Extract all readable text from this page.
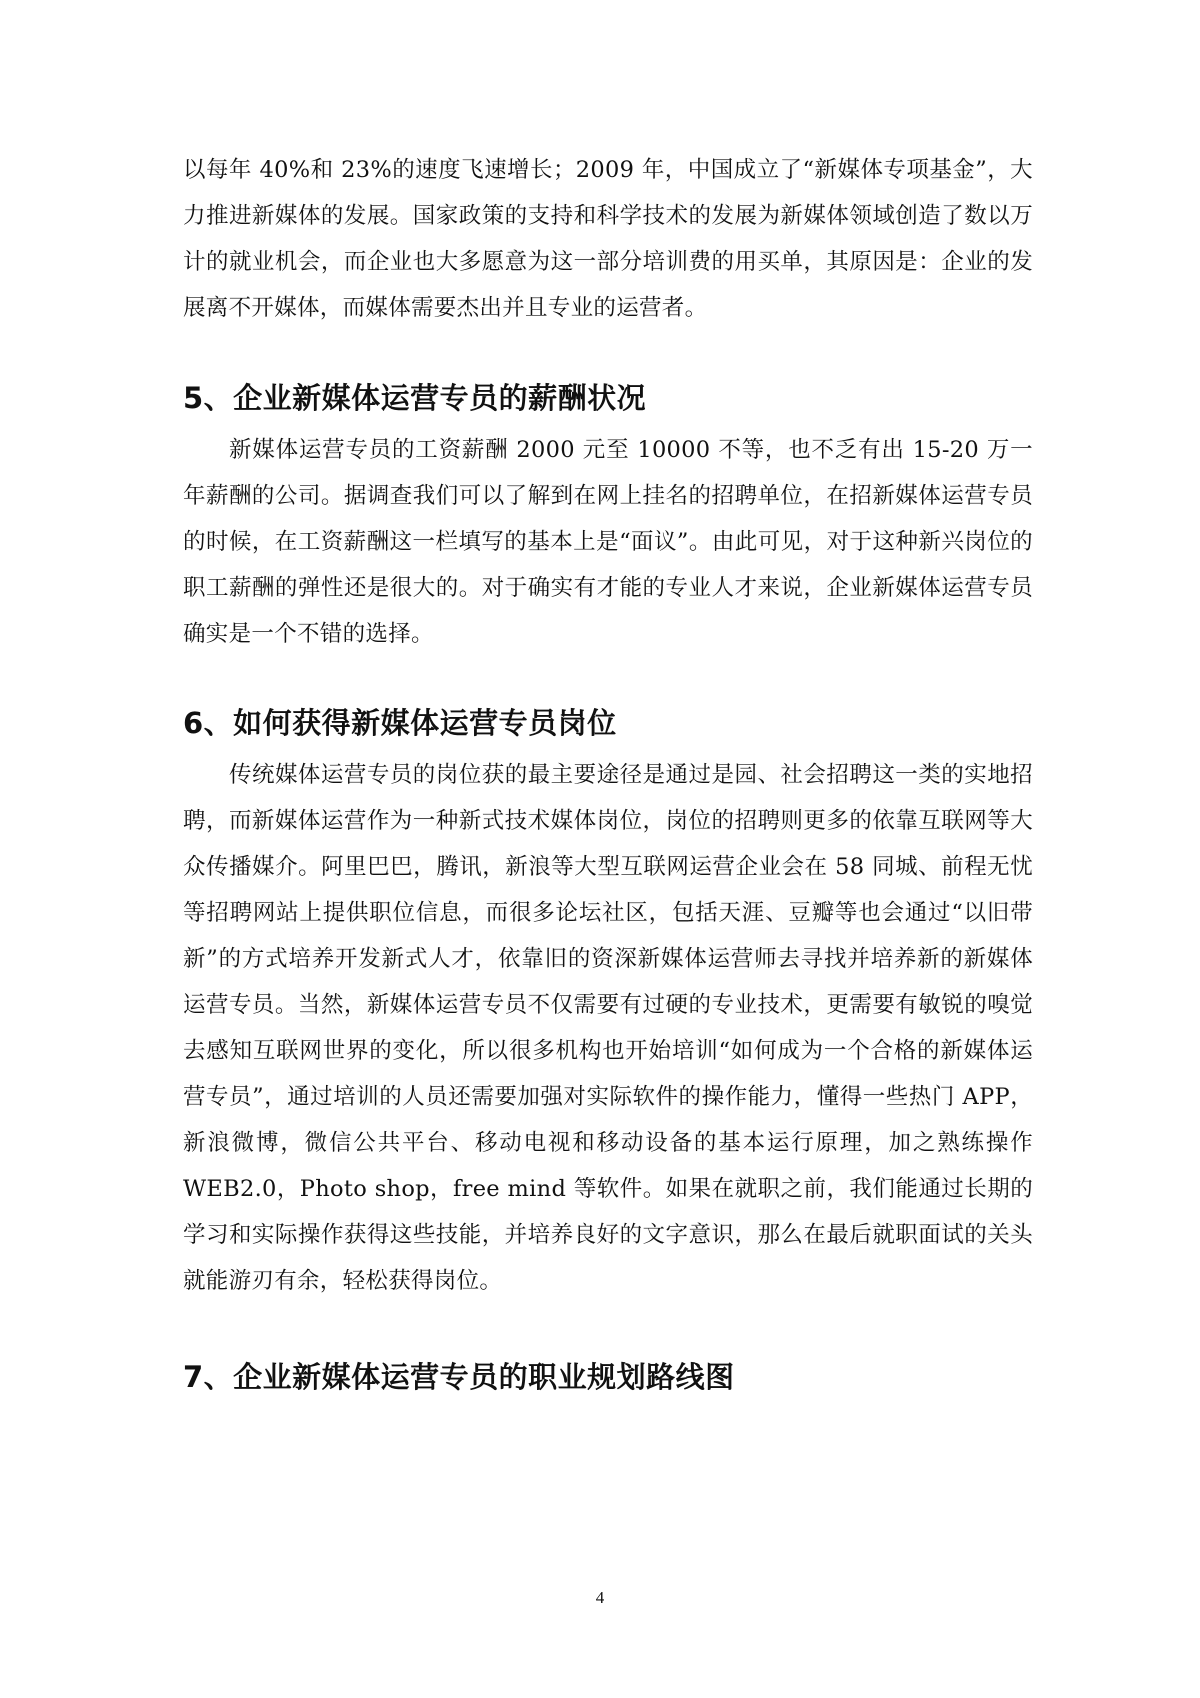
以每年 40%和 23%的速度飞速增长；2009 年，中国成立了“新媒体专项基金”，大力推进新媒体的发展。国家政策的支持和科学技术的发展为新媒体领域创造了数以万计的就业机会，而企业也大多愿意为这一部分培训费的用买单，其原因是：企业的发展离不开媒体，而媒体需要杰出并且专业的运营者。

5、企业新媒体运营专员的薪酬状况

新媒体运营专员的工资薪酬 2000 元至 10000 不等，也不乏有出 15-20 万一年薪酬的公司。据调查我们可以了解到在网上挂名的招聘单位，在招新媒体运营专员的时候，在工资薪酬这一栏填写的基本上是“面议”。由此可见，对于这种新兴岗位的职工薪酬的弹性还是很大的。对于确实有才能的专业人才来说，企业新媒体运营专员确实是一个不错的选择。

6、如何获得新媒体运营专员岗位

传统媒体运营专员的岗位获的最主要途径是通过是园、社会招聘这一类的实地招聘，而新媒体运营作为一种新式技术媒体岗位，岗位的招聘则更多的依靠互联网等大众传播媒介。阿里巴巴，腾讯，新浪等大型互联网运营企业会在 58 同城、前程无忧等招聘网站上提供职位信息，而很多论坛社区，包括天涯、豆瓣等也会通过“以旧带新”的方式培养开发新式人才，依靠旧的资深新媒体运营师去寻找并培养新的新媒体运营专员。当然，新媒体运营专员不仅需要有过硬的专业技术，更需要有敏锐的嗅觉去感知互联网世界的变化，所以很多机构也开始培训“如何成为一个合格的新媒体运营专员”，通过培训的人员还需要加强对实际软件的操作能力，懂得一些热门 APP，新浪微博，微信公共平台、移动电视和移动设备的基本运行原理，加之熟练操作 WEB2.0，Photo shop，free mind 等软件。如果在就职之前，我们能通过长期的学习和实际操作获得这些技能，并培养良好的文字意识，那么在最后就职面试的关头就能游刃有余，轻松获得岗位。

7、企业新媒体运营专员的职业规划路线图
4
